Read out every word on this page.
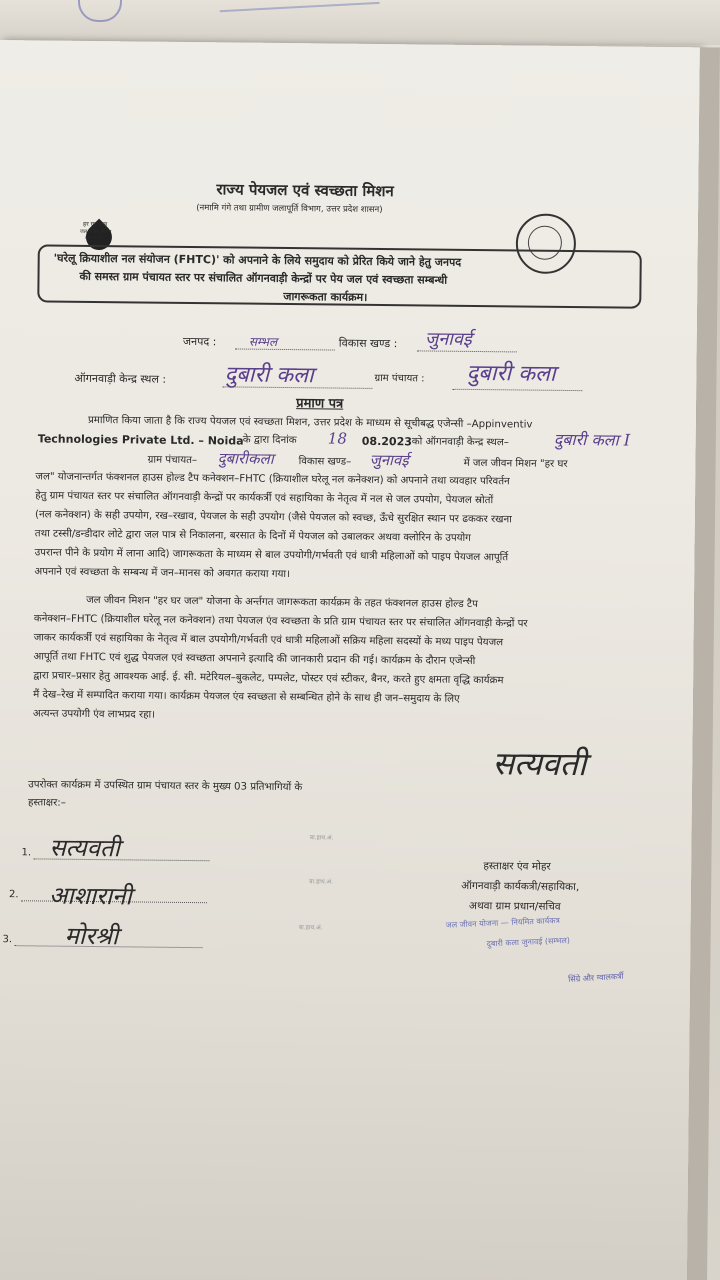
हर घर जल
जल जीवन मिशन
उत्तर प्रदेश
राज्य पेयजल एवं स्वच्छता मिशन
(नमामि गंगे तथा ग्रामीण जलापूर्ति विभाग, उत्तर प्रदेश शासन)
'घरेलू क्रियाशील नल संयोजन (FHTC)' को अपनाने के लिये समुदाय को प्रेरित किये जाने हेतु जनपद
की समस्त ग्राम पंचायत स्तर पर संचालित ऑगनवाड़ी केन्द्रों पर पेय जल एवं स्वच्छता सम्बन्धी
जागरूकता कार्यक्रम।
जनपद :	सम्भल	विकास खण्ड : जुनावई
ऑगनवाड़ी केन्द्र स्थल :	दुबारी कला	ग्राम पंचायत : दुबारी कला
प्रमाण पत्र
प्रमाणित किया जाता है कि राज्य पेयजल एवं स्वच्छता मिशन, उत्तर प्रदेश के माध्यम से सूचीबद्ध एजेन्सी –Appinventiv
Technologies Private Ltd. – Noida के द्वारा दिनांक 18 08.2023 को ऑगनवाड़ी केन्द्र स्थल–	दुबारी कला I
ग्राम पंचायत– दुबारीकला विकास खण्ड– जुनावई	में जल जीवन मिशन "हर घर
जल" योजनान्तर्गत फंक्शनल हाउस होल्ड टैप कनेक्शन–FHTC (क्रियाशील घरेलू नल कनेक्शन) को अपनाने तथा व्यवहार परिवर्तन
हेतु ग्राम पंचायत स्तर पर संचालित ऑगनवाड़ी केन्द्रों पर कार्यकर्त्री एवं सहायिका के नेतृत्व में नल से जल उपयोग, पेयजल स्रोतों
(नल कनेक्शन) के सही उपयोग, रख–रखाव, पेयजल के सही उपयोग (जैसे पेयजल को स्वच्छ, ऊँचे सुरक्षित स्थान पर ढककर रखना
तथा टस्सी/डन्डीदार लोटे द्वारा जल पात्र से निकालना, बरसात के दिनों में पेयजल को उबालकर अथवा क्लोरिन के उपयोग
उपरान्त पीने के प्रयोग में लाना आदि) जागरूकता के माध्यम से बाल उपयोगी/गर्भवती एवं धात्री महिलाओं को पाइप पेयजल आपूर्ति
अपनाने एवं स्वच्छता के सम्बन्ध में जन–मानस को अवगत कराया गया।
जल जीवन मिशन "हर घर जल" योजना के अर्न्तगत जागरूकता कार्यक्रम के तहत फंक्शनल हाउस होल्ड टैप
कनेक्शन–FHTC (क्रियाशील घरेलू नल कनेक्शन) तथा पेयजल एंव स्वच्छता के प्रति ग्राम पंचायत स्तर पर संचालित ऑगनवाड़ी केन्द्रों पर
जाकर कार्यकर्त्री एवं सहायिका के नेतृत्व में बाल उपयोगी/गर्भवती एवं धात्री महिलाओं सक्रिय महिला सदस्यों के मध्य पाइप पेयजल
आपूर्ति तथा FHTC एवं शुद्ध पेयजल एवं स्वच्छता अपनाने इत्यादि की जानकारी प्रदान की गई। कार्यक्रम के दौरान एजेन्सी
द्वारा प्रचार–प्रसार हेतु आवश्यक आई. ई. सी. मटेरियल–बुकलेट, पम्पलेट, पोस्टर एवं स्टीकर, बैनर, करते हुए क्षमता वृद्धि कार्यक्रम
मैं देख–रेख में सम्पादित कराया गया। कार्यक्रम पेयजल एंव स्वच्छता से सम्बन्धित होने के साथ ही जन–समुदाय के लिए
अत्यन्त उपयोगी एंव लाभप्रद रहा।
उपरोक्त कार्यक्रम में उपस्थित ग्राम पंचायत स्तर के मुख्य 03 प्रतिभागियों के
हस्ताक्षर:–
1. सत्यवती	बा.हाथ.अं.
2. आशारानी	बा.हाथ.अं.
3. मोरश्री	बा.हाथ.अं.
सत्यवती
हस्ताक्षर एंव मोहर
ऑगनवाड़ी कार्यकत्री/सहायिका,
अथवा ग्राम प्रधान/सचिव
जल जीवन योजना — नियमित कार्यकत्र
दुबारी कला जुनावई (सम्भल)
सिंग्रे और ग्वालकर्त्री
